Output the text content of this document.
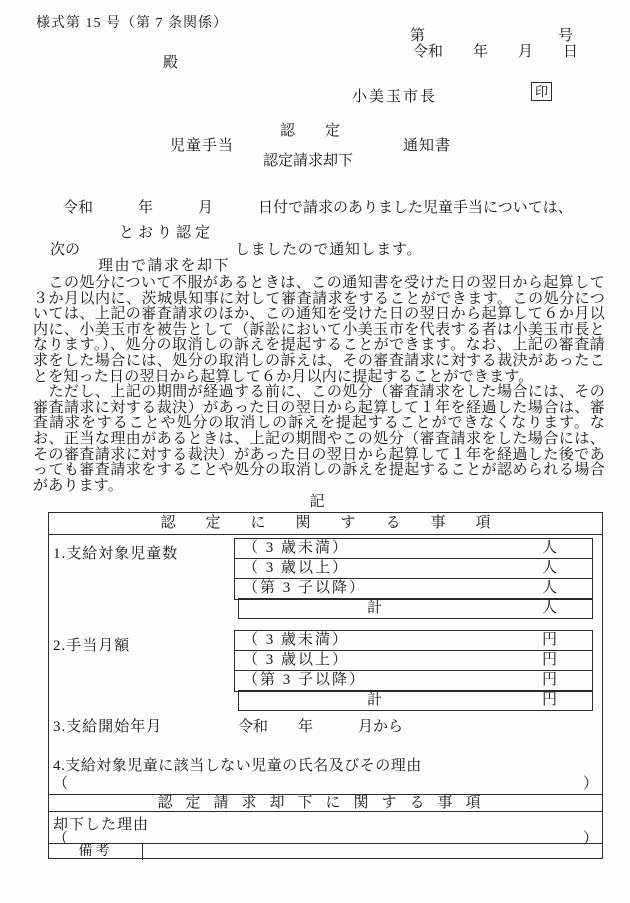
様式第 15 号（第 7 条関係）
第	号
令和　　年　　月　　日
殿
小美玉市長	印
認　　定
児童手当	通知書
認定請求却下
令和　　　年　　　月　　　日付で請求のありました児童手当については、
次の
とおり認定
理由で請求を却下
しましたので通知します。

　この処分について不服があるときは、この通知書を受けた日の翌日から起算して３か月以内に、茨城県知事に対して審査請求をすることができます。この処分については、上記の審査請求のほか、この通知を受けた日の翌日から起算して６か月以内に、小美玉市を被告として（訴訟において小美玉市を代表する者は小美玉市長となります。）、処分の取消しの訴えを提起することができます。なお、上記の審査請求をした場合には、処分の取消しの訴えは、その審査請求に対する裁決があったことを知った日の翌日から起算して６か月以内に提起することができます。

　ただし、上記の期間が経過する前に、この処分（審査請求をした場合には、その審査請求に対する裁決）があった日の翌日から起算して１年を経過した場合は、審査請求をすることや処分の取消しの訴えを提起することができなくなります。なお、正当な理由があるときは、上記の期間やこの処分（審査請求をした場合には、その審査請求に対する裁決）があった日の翌日から起算して１年を経過した後であっても審査請求をすることや処分の取消しの訴えを提起することが認められる場合があります。

記
認定に関する事項
1.支給対象児童数	（ 3 歳未満）	人
（ 3 歳以上）	人
（第 3 子以降）	人
計	人
2.手当月額	（ 3 歳未満）	円
（ 3 歳以上）	円
（第 3 子以降）	円
計	円
3.支給開始年月	令和　　年　　　月から
4.支給対象児童に該当しない児童の氏名及びその理由
（	）
認定請求却下に関する事項
却下した理由
（	）
備考
